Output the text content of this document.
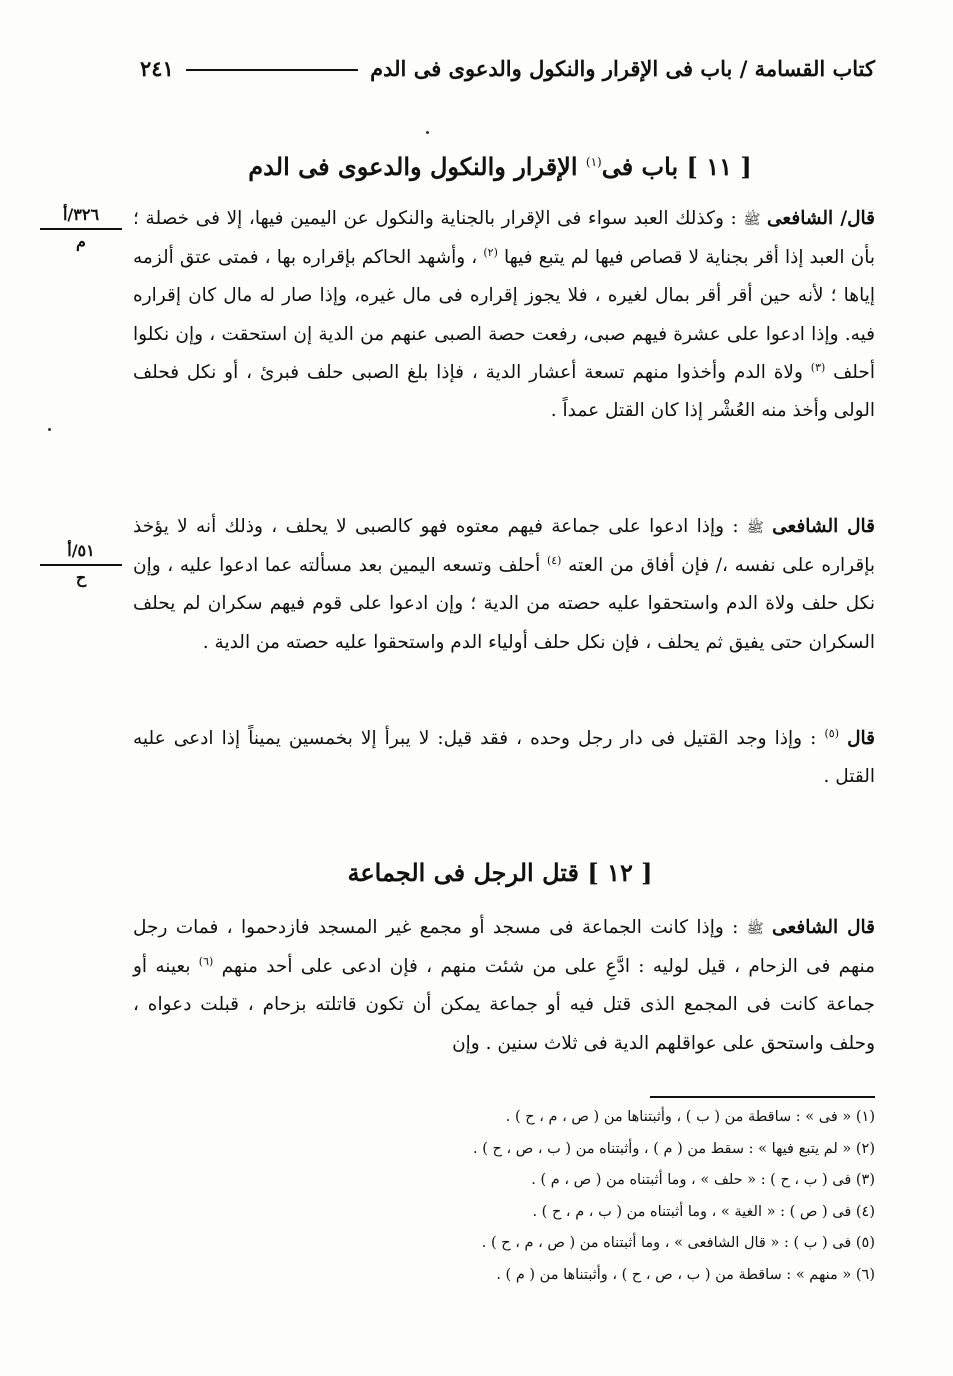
كتاب القسامة / باب فى الإقرار والنكول والدعوى فى الدم
٢٤١
[ ١١ ] باب فى$^{(١)}$ الإقرار والنكول والدعوى فى الدم
٣٢٦/أ
م
قال/ الشافعى ﷺ : وكذلك العبد سواء فى الإقرار بالجناية والنكول عن اليمين فيها، إلا فى خصلة ؛ بأن العبد إذا أقر بجناية لا قصاص فيها لم يتبع فيها $^{(٢)}$ ، وأشهد الحاكم بإقراره بها ، فمتى عتق ألزمه إياها ؛ لأنه حين أقر أقر بمال لغيره ، فلا يجوز إقراره فى مال غيره، وإذا صار له مال كان إقراره فيه. وإذا ادعوا على عشرة فيهم صبى، رفعت حصة الصبى عنهم من الدية إن استحقت ، وإن نكلوا أحلف $^{(٣)}$ ولاة الدم وأخذوا منهم تسعة أعشار الدية ، فإذا بلغ الصبى حلف فبرئ ، أو نكل فحلف الولى وأخذ منه العُشْر إذا كان القتل عمداً .
٥١/أ
ح
قال الشافعى ﷺ : وإذا ادعوا على جماعة فيهم معتوه فهو كالصبى لا يحلف ، وذلك أنه لا يؤخذ بإقراره على نفسه ،/ فإن أفاق من العته $^{(٤)}$ أحلف وتسعه اليمين بعد مسألته عما ادعوا عليه ، وإن نكل حلف ولاة الدم واستحقوا عليه حصته من الدية ؛ وإن ادعوا على قوم فيهم سكران لم يحلف السكران حتى يفيق ثم يحلف ، فإن نكل حلف أولياء الدم واستحقوا عليه حصته من الدية .
قال $^{(٥)}$ : وإذا وجد القتيل فى دار رجل وحده ، فقد قيل: لا يبرأ إلا بخمسين يميناً إذا ادعى عليه القتل .
[ ١٢ ] قتل الرجل فى الجماعة
قال الشافعى ﷺ : وإذا كانت الجماعة فى مسجد أو مجمع غير المسجد فازدحموا ، فمات رجل منهم فى الزحام ، قيل لوليه : ادَّعِ على من شئت منهم ، فإن ادعى على أحد منهم $^{(٦)}$ بعينه أو جماعة كانت فى المجمع الذى قتل فيه أو جماعة يمكن أن تكون قاتلته بزحام ، قبلت دعواه ، وحلف واستحق على عواقلهم الدية فى ثلاث سنين . وإن
(١) « فى » : ساقطة من ( ب ) ، وأثبتناها من ( ص ، م ، ح ) .
(٢) « لم يتبع فيها » : سقط من ( م ) ، وأثبتناه من ( ب ، ص ، ح ) .
(٣) فى ( ب ، ح ) : « حلف » ، وما أثبتناه من ( ص ، م ) .
(٤) فى ( ص ) : « الغية » ، وما أثبتناه من ( ب ، م ، ح ) .
(٥) فى ( ب ) : « قال الشافعى » ، وما أثبتناه من ( ص ، م ، ح ) .
(٦) « منهم » : ساقطة من ( ب ، ص ، ح ) ، وأثبتناها من ( م ) .
